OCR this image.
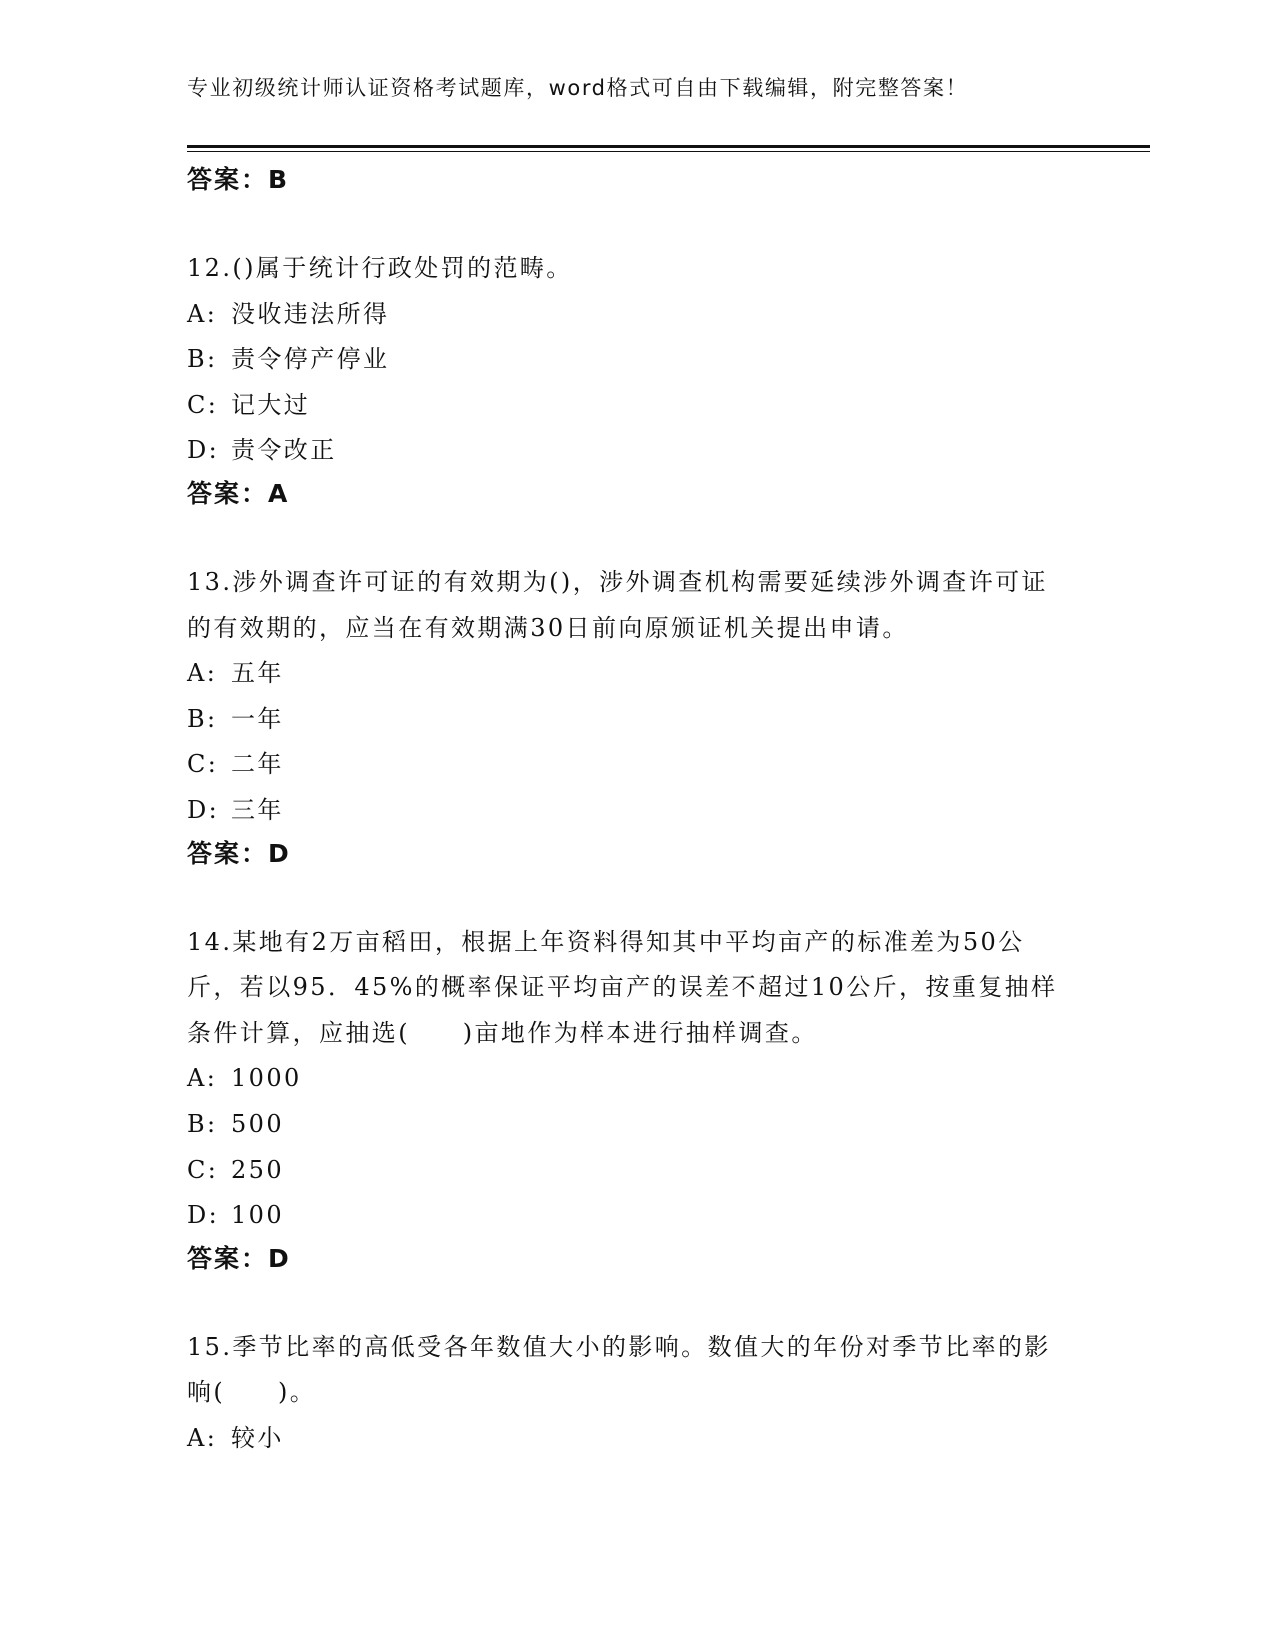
专业初级统计师认证资格考试题库，word格式可自由下载编辑，附完整答案！
答案：B
12.()属于统计行政处罚的范畴。
A: 没收违法所得
B: 责令停产停业
C: 记大过
D: 责令改正
答案：A
13.涉外调查许可证的有效期为()，涉外调查机构需要延续涉外调查许可证的有效期的，应当在有效期满30日前向原颁证机关提出申请。
A: 五年
B: 一年
C: 二年
D: 三年
答案：D
14.某地有2万亩稻田，根据上年资料得知其中平均亩产的标准差为50公斤，若以95．45%的概率保证平均亩产的误差不超过10公斤，按重复抽样条件计算，应抽选(　　)亩地作为样本进行抽样调查。
A: 1000
B: 500
C: 250
D: 100
答案：D
15.季节比率的高低受各年数值大小的影响。数值大的年份对季节比率的影响(　　)。
A: 较小
